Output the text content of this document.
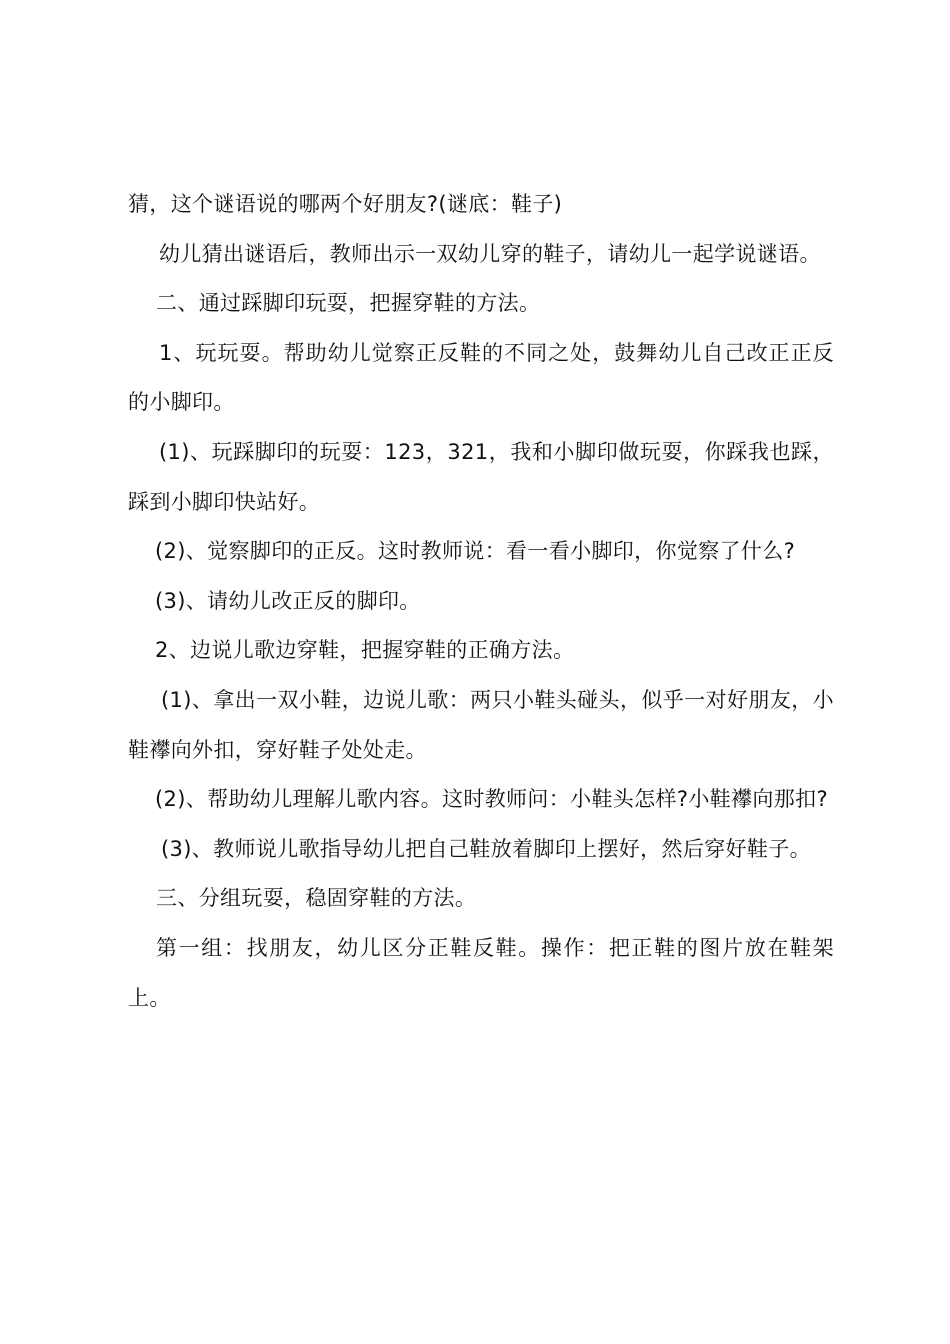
猜，这个谜语说的哪两个好朋友?(谜底：鞋子)

幼儿猜出谜语后，教师出示一双幼儿穿的鞋子，请幼儿一起学说谜语。

二、通过踩脚印玩耍，把握穿鞋的方法。

1、玩玩耍。帮助幼儿觉察正反鞋的不同之处，鼓舞幼儿自己改正正反的小脚印。

(1)、玩踩脚印的玩耍：123，321，我和小脚印做玩耍，你踩我也踩，踩到小脚印快站好。

(2)、觉察脚印的正反。这时教师说：看一看小脚印，你觉察了什么?

(3)、请幼儿改正反的脚印。

2、边说儿歌边穿鞋，把握穿鞋的正确方法。

(1)、拿出一双小鞋，边说儿歌：两只小鞋头碰头，似乎一对好朋友，小鞋襻向外扣，穿好鞋子处处走。

(2)、帮助幼儿理解儿歌内容。这时教师问：小鞋头怎样?小鞋襻向那扣?

(3)、教师说儿歌指导幼儿把自己鞋放着脚印上摆好，然后穿好鞋子。

三、分组玩耍，稳固穿鞋的方法。

第一组：找朋友，幼儿区分正鞋反鞋。操作：把正鞋的图片放在鞋架上。
